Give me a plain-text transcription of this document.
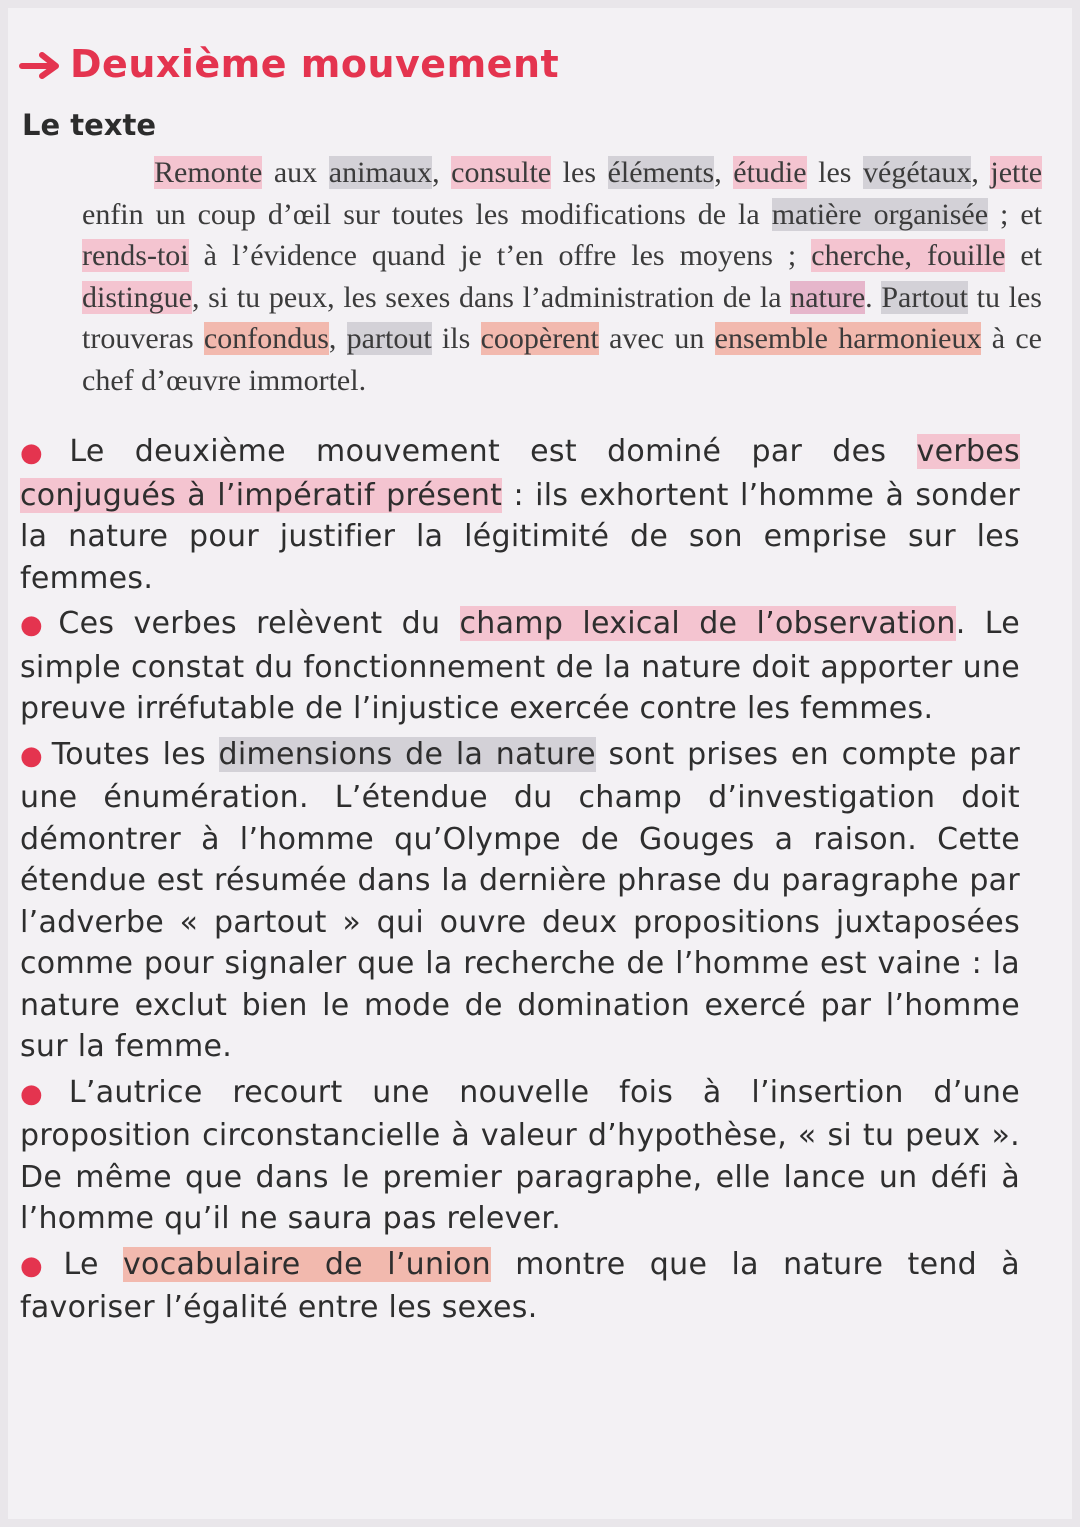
Deuxième mouvement
Le texte

Remonte aux animaux, consulte les éléments, étudie les végétaux, jette enfin un coup d’œil sur toutes les modifications de la matière organisée ; et rends-toi à l’évidence quand je t’en offre les moyens ; cherche, fouille et distingue, si tu peux, les sexes dans l’administration de la nature. Partout tu les trouveras confondus, partout ils coopèrent avec un ensemble harmonieux à ce chef d’œuvre immortel.

● Le deuxième mouvement est dominé par des verbes conjugués à l’impératif présent : ils exhortent l’homme à sonder la nature pour justifier la légitimité de son emprise sur les femmes.
● Ces verbes relèvent du champ lexical de l’observation. Le simple constat du fonctionnement de la nature doit apporter une preuve irréfutable de l’injustice exercée contre les femmes.
● Toutes les dimensions de la nature sont prises en compte par une énumération. L’étendue du champ d’investigation doit démontrer à l’homme qu’Olympe de Gouges a raison. Cette étendue est résumée dans la dernière phrase du paragraphe par l’adverbe « partout » qui ouvre deux propositions juxtaposées comme pour signaler que la recherche de l’homme est vaine : la nature exclut bien le mode de domination exercé par l’homme sur la femme.
● L’autrice recourt une nouvelle fois à l’insertion d’une proposition circonstancielle à valeur d’hypothèse, « si tu peux ». De même que dans le premier paragraphe, elle lance un défi à l’homme qu’il ne saura pas relever.
● Le vocabulaire de l’union montre que la nature tend à favoriser l’égalité entre les sexes.
